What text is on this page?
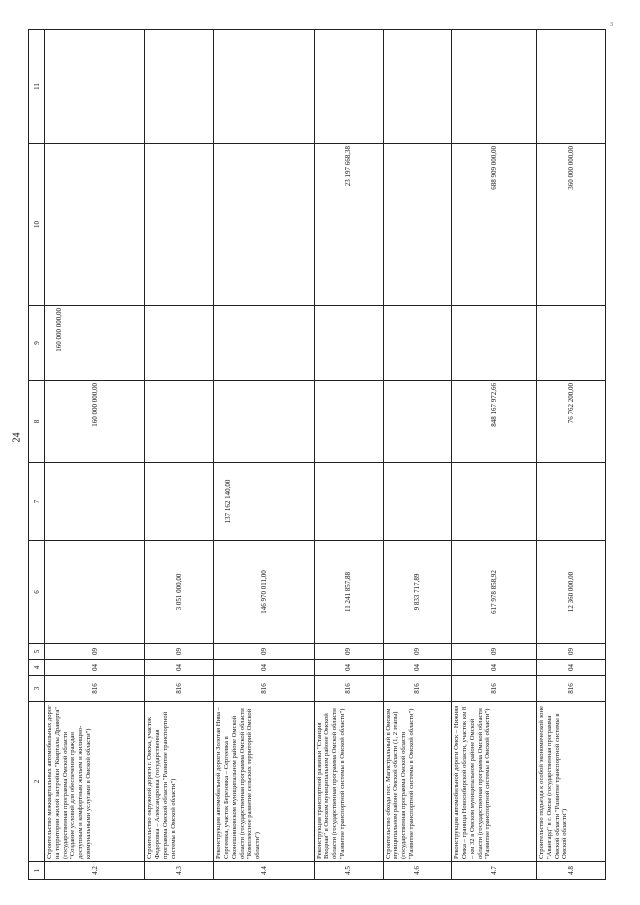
24
3
1	2	3	4	5	6	7	8	9	10	11
4.2	Строительство межквартальных автомобильных дорог на территории жилой застройки "Кварталы Драверта" (государственная программа Омской области "Создание условий для обеспечения граждан доступным и комфортным жильем и жилищно-коммунальными услугами в Омской области")	816	04	09			160 000 000,00	160 000 000,00		
4.3	Строительство окружной дороги г. Омска, участок Федоровка – Александровка (государственная программа Омской области "Развитие транспортной системы в Омской области")	816	04	09	3 051 000,00					
4.4	Реконструкция автомобильной дороги Золотая Нива – Сергеевка, участок Березовка – Сергеевка в Оконешниковском муниципальном районе Омской области (государственная программа Омской области "Комплексное развитие сельских территорий Омской области")	816	04	09	146 970 011,00	137 162 140,00				
4.5	Реконструкция транспортной развязки "Станция Входная" в Омском муниципальном районе Омской области (государственная программа Омской области "Развитие транспортной системы в Омской области")	816	04	09	11 241 857,88				23 197 668,38	
4.6	Строительство обхода пос. Магистральный в Омском муниципальном районе Омской области (1, 2 этапы) (государственная программа Омской области "Развитие транспортной системы в Омской области")	816	04	09	9 833 717,89					
4.7	Реконструкция автомобильной дороги Омск – Нижняя Омка – граница Новосибирской области, участок км 8 – км 32 в Омском муниципальном районе Омской области (государственная программа Омской области "Развитие транспортной системы в Омской области")	816	04	09	617 978 858,92		848 167 972,66		688 909 000,00	
4.8	Строительство подъезда к особой экономической зоне "Авангард" в г. Омске (государственная программа Омской области "Развитие транспортной системы в Омской области")	816	04	09	12 360 000,00		76 762 200,00		360 000 000,00	
